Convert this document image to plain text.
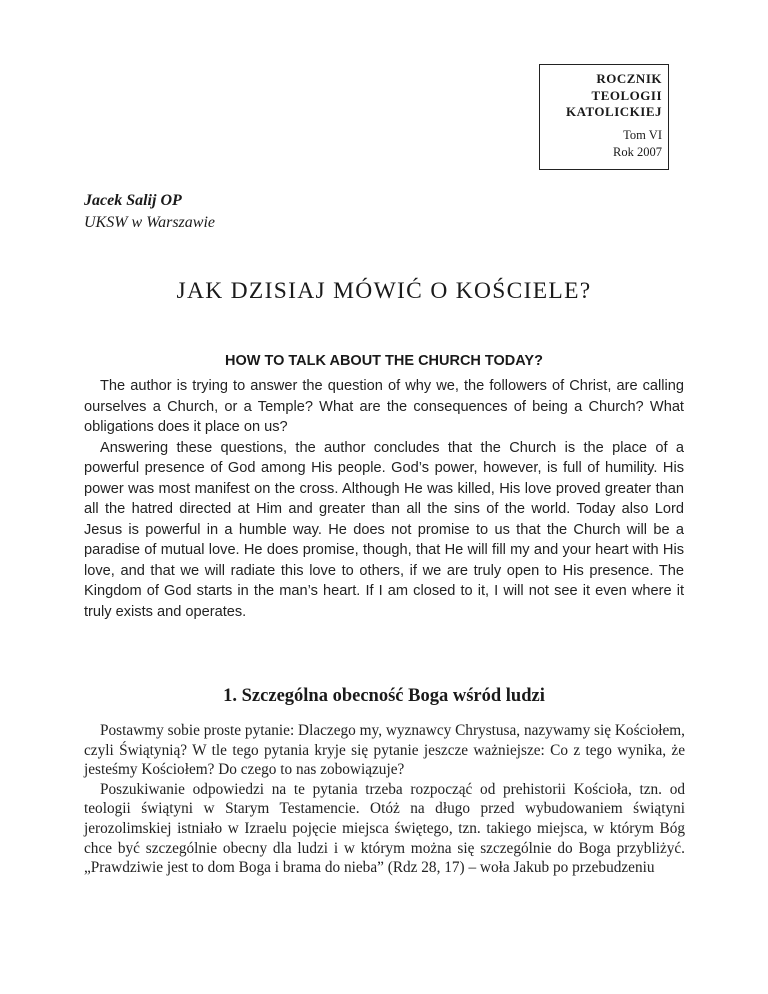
ROCZNIK
TEOLOGII
KATOLICKIEJ
Tom VI
Rok 2007
Jacek Salij OP
UKSW w Warszawie
JAK DZISIAJ MÓWIĆ O KOŚCIELE?
HOW TO TALK ABOUT THE CHURCH TODAY?

The author is trying to answer the question of why we, the followers of Christ, are calling ourselves a Church, or a Temple? What are the consequences of being a Church? What obligations does it place on us?

Answering these questions, the author concludes that the Church is the place of a powerful presence of God among His people. God’s power, however, is full of humility. His power was most manifest on the cross. Although He was killed, His love proved greater than all the hatred directed at Him and greater than all the sins of the world. Today also Lord Jesus is powerful in a humble way. He does not promise to us that the Church will be a paradise of mutual love. He does promise, though, that He will fill my and your heart with His love, and that we will radiate this love to others, if we are truly open to His presence. The Kingdom of God starts in the man’s heart. If I am closed to it, I will not see it even where it truly exists and operates.

1. Szczególna obecność Boga wśród ludzi

Postawmy sobie proste pytanie: Dlaczego my, wyznawcy Chrystusa, nazywamy się Kościołem, czyli Świątynią? W tle tego pytania kryje się pytanie jeszcze ważniejsze: Co z tego wynika, że jesteśmy Kościołem? Do czego to nas zobowiązuje?

Poszukiwanie odpowiedzi na te pytania trzeba rozpocząć od prehistorii Kościoła, tzn. od teologii świątyni w Starym Testamencie. Otóż na długo przed wybudowaniem świątyni jerozolimskiej istniało w Izraelu pojęcie miejsca świętego, tzn. takiego miejsca, w którym Bóg chce być szczególnie obecny dla ludzi i w którym można się szczególnie do Boga przybliżyć. „Prawdziwie jest to dom Boga i brama do nieba” (Rdz 28, 17) – woła Jakub po przebudzeniu
